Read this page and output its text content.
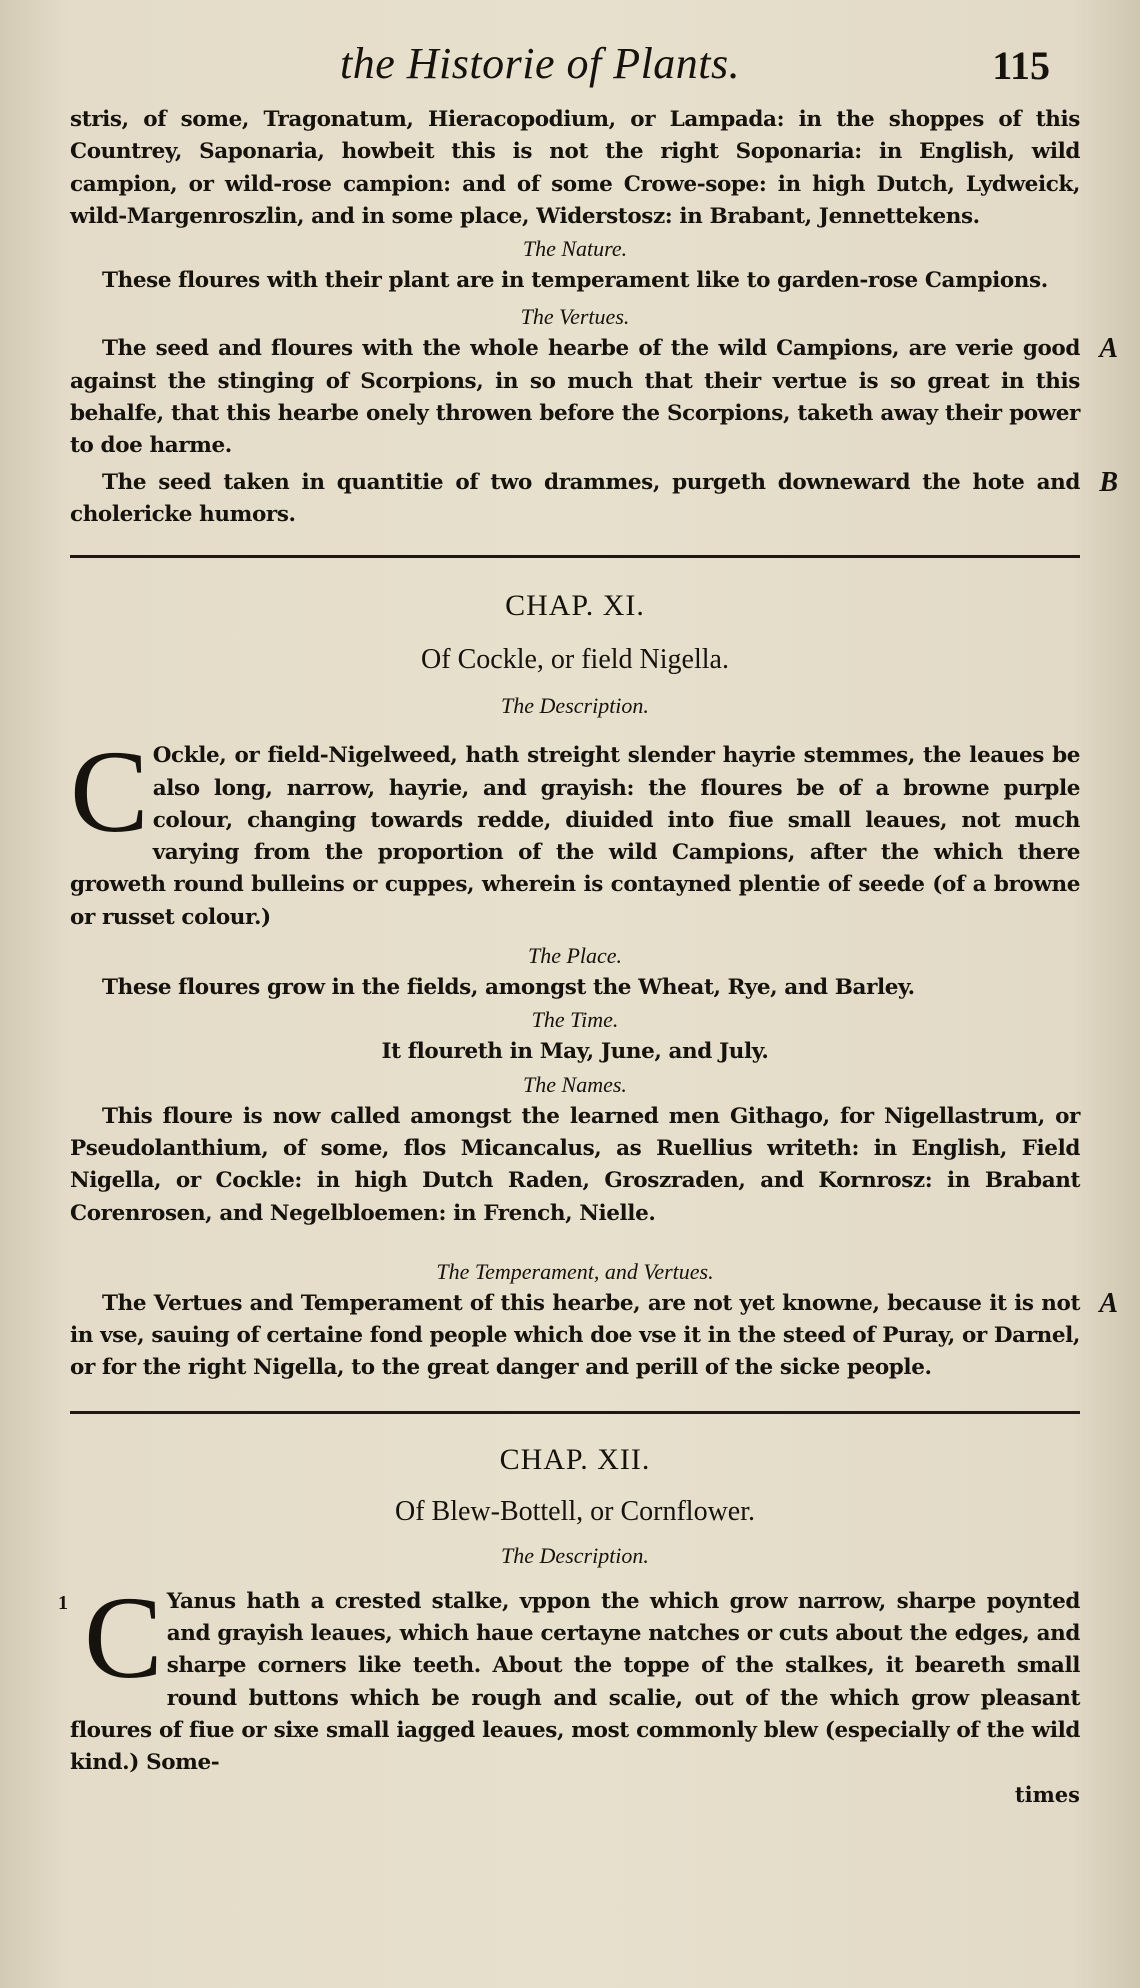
the Historie of Plants.	115

stris, of some, Tragonatum, Hieracopodium, or Lampada: in the shoppes of this Countrey, Saponaria, howbeit this is not the right Soponaria: in English, wild campion, or wild-rose campion: and of some Crowe-sope: in high Dutch, Lydweick, wild-Margenroszlin, and in some place, Widerstosz: in Brabant, Jennettekens.

The Nature.

These floures with their plant are in temperament like to garden-rose Campions.

The Vertues.

The seed and floures with the whole hearbe of the wild Campions, are verie good against the stinging of Scorpions, in so much that their vertue is so great in this behalfe, that this hearbe onely throwen before the Scorpions, taketh away their power to doe harme.

A

The seed taken in quantitie of two drammes, purgeth downeward the hote and cholericke humors.

B

CHAP. XI.

Of Cockle, or field Nigella.

The Description.

C Ockle, or field-Nigelweed, hath streight slender hayrie stemmes, the leaues be also long, narrow, hayrie, and grayish: the floures be of a browne purple colour, changing towards redde, diuided into fiue small leaues, not much varying from the proportion of the wild Campions, after the which there groweth round bulleins or cuppes, wherein is contayned plentie of seede (of a browne or russet colour.)

The Place.

These floures grow in the fields, amongst the Wheat, Rye, and Barley.

The Time.

It floureth in May, June, and July.

The Names.

This floure is now called amongst the learned men Githago, for Nigellastrum, or Pseudolanthium, of some, flos Micancalus, as Ruellius writeth: in English, Field Nigella, or Cockle: in high Dutch Raden, Groszraden, and Kornrosz: in Brabant Corenrosen, and Negelbloemen: in French, Nielle.

The Temperament, and Vertues.

The Vertues and Temperament of this hearbe, are not yet knowne, because it is not in vse, sauing of certaine fond people which doe vse it in the steed of Puray, or Darnel, or for the right Nigella, to the great danger and perill of the sicke people.

A

CHAP. XII.

Of Blew-Bottell, or Cornflower.

The Description.

1 C Yanus hath a crested stalke, vppon the which grow narrow, sharpe poynted and grayish leaues, which haue certayne natches or cuts about the edges, and sharpe corners like teeth. About the toppe of the stalkes, it beareth small round buttons which be rough and scalie, out of the which grow pleasant floures of fiue or sixe small iagged leaues, most commonly blew (especially of the wild kind.) Some-

times
